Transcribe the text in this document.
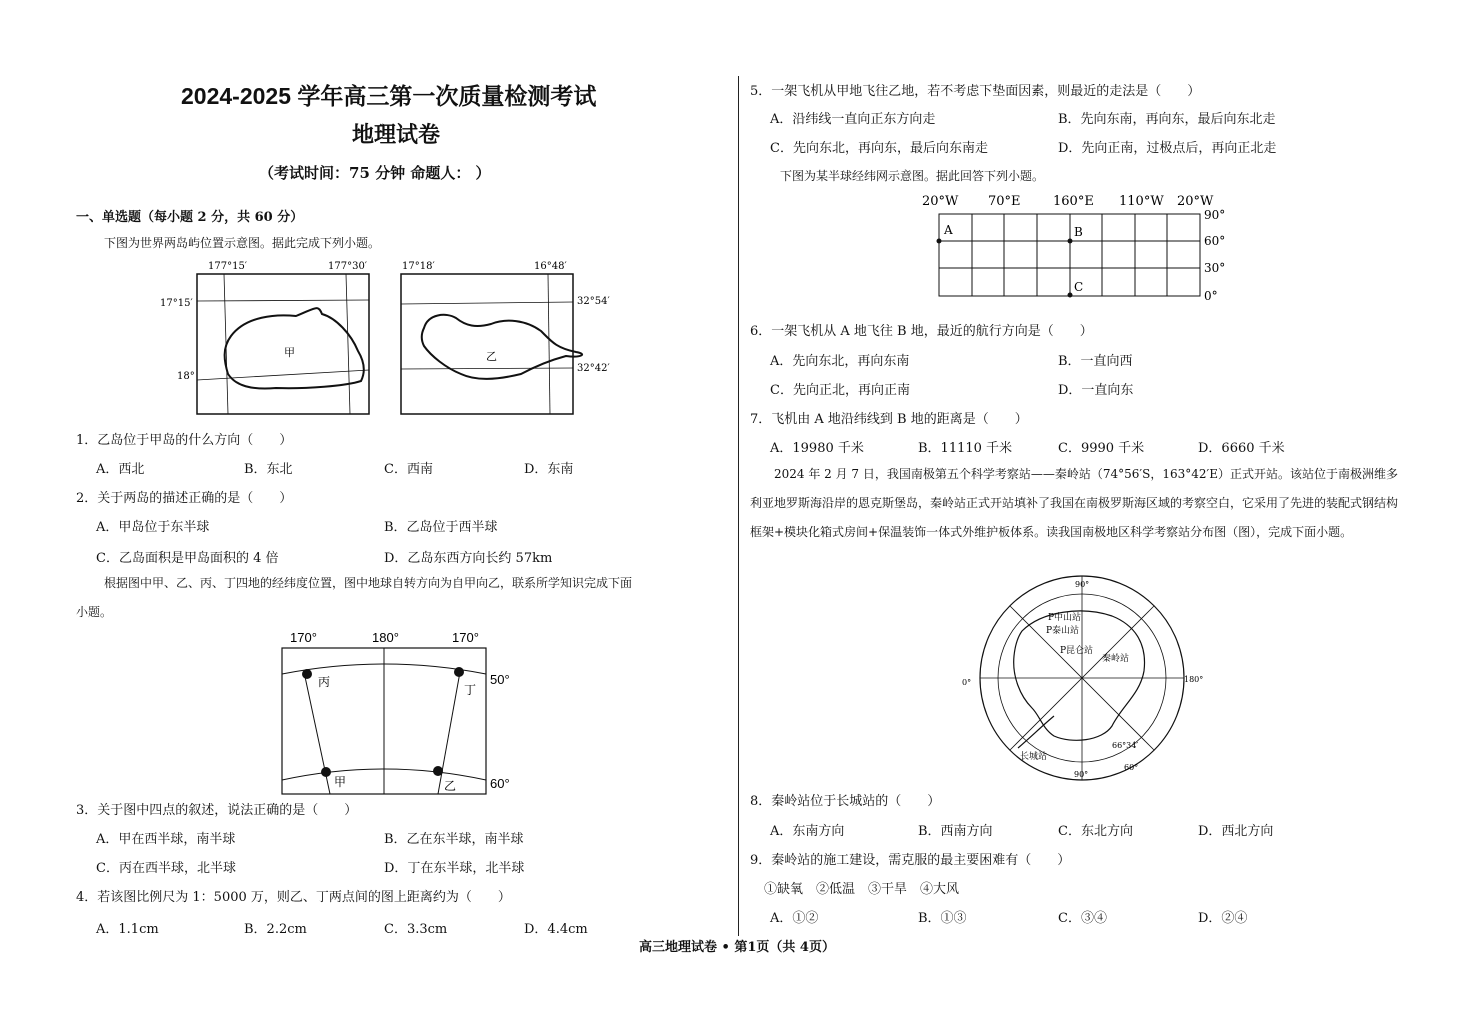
2024-2025 学年高三第一次质量检测考试
地理试卷
（考试时间：75 分钟 命题人： ）
一、单选题（每小题 2 分，共 60 分）
下图为世界两岛屿位置示意图。据此完成下列小题。
177°15′	177°30′
17°15′
18°
甲
17°18′	16°48′
32°54′
32°42′
乙
1．乙岛位于甲岛的什么方向（　　）
A．西北	B．东北	C．西南	D．东南
2．关于两岛的描述正确的是（　　）
A．甲岛位于东半球	B．乙岛位于西半球
C．乙岛面积是甲岛面积的 4 倍	D．乙岛东西方向长约 57km
根据图中甲、乙、丙、丁四地的经纬度位置，图中地球自转方向为自甲向乙，联系所学知识完成下面
小题。
170°	180°	170°
50°
60°
丙
丁
甲	乙
3．关于图中四点的叙述，说法正确的是（　　）
A．甲在西半球，南半球	B．乙在东半球，南半球
C．丙在西半球，北半球	D．丁在东半球，北半球
4．若该图比例尺为 1：5000 万，则乙、丁两点间的图上距离约为（　　）
A．1.1cm	B．2.2cm	C．3.3cm	D．4.4cm
5．一架飞机从甲地飞往乙地，若不考虑下垫面因素，则最近的走法是（　　）
A．沿纬线一直向正东方向走	B．先向东南，再向东，最后向东北走
C．先向东北，再向东，最后向东南走	D．先向正南，过极点后，再向正北走
下图为某半球经纬网示意图。据此回答下列小题。
20°W 70°E 160°E 110°W 20°W
90°
60°
30°
0°
A	B
C
6．一架飞机从 A 地飞往 B 地，最近的航行方向是（　　）
A．先向东北，再向东南	B．一直向西
C．先向正北，再向正南	D．一直向东
7．飞机由 A 地沿纬线到 B 地的距离是（　　）
A．19980 千米	B．11110 千米	C．9990 千米	D．6660 千米
2024 年 2 月 7 日，我国南极第五个科学考察站——秦岭站（74°56′S，163°42′E）正式开站。该站位于南极洲维多利亚地罗斯海沿岸的恩克斯堡岛，秦岭站正式开站填补了我国在南极罗斯海区域的考察空白，它采用了先进的装配式钢结构框架+模块化箱式房间+保温装饰一体式外维护板体系。读我国南极地区科学考察站分布图（图），完成下面小题。
90°
0°	180°
90°
60°
66°34′
P中山站
P泰山站
P昆仑站
秦岭站
长城站
8．秦岭站位于长城站的（　　）
A．东南方向	B．西南方向	C．东北方向	D．西北方向
9．秦岭站的施工建设，需克服的最主要困难有（　　）
①缺氧　②低温　③干旱　④大风
A．①②	B．①③	C．③④	D．②④
高三地理试卷 • 第1页（共 4页）
